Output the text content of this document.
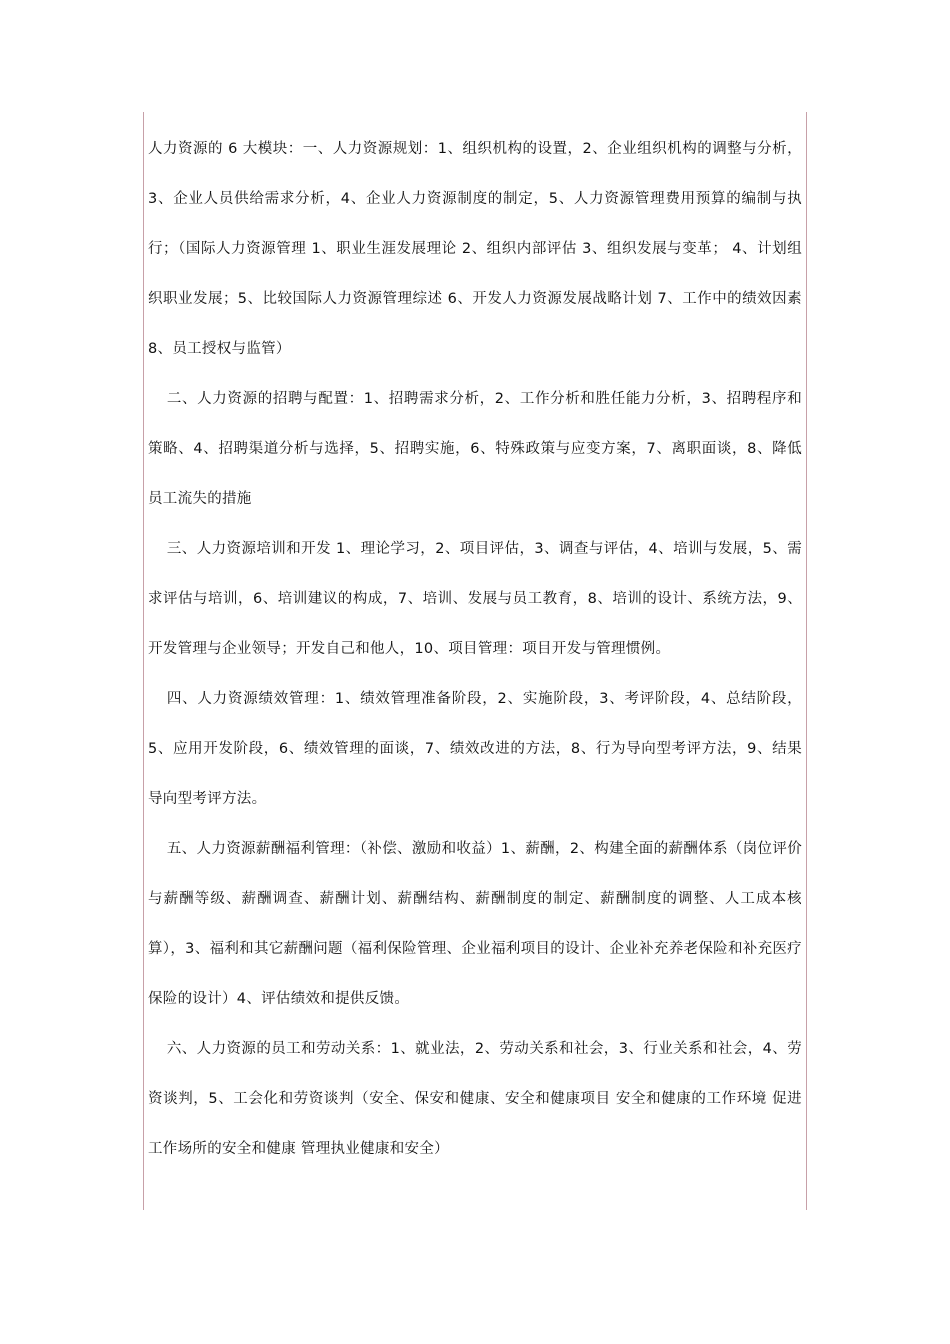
人力资源的 6 大模块：一、人力资源规划：1、组织机构的设置，2、企业组织机构的调整与分析，3、企业人员供给需求分析，4、企业人力资源制度的制定，5、人力资源管理费用预算的编制与执行；（国际人力资源管理 1、职业生涯发展理论 2、组织内部评估 3、组织发展与变革； 4、计划组织职业发展；5、比较国际人力资源管理综述 6、开发人力资源发展战略计划 7、工作中的绩效因素 8、员工授权与监管）

二、人力资源的招聘与配置：1、招聘需求分析，2、工作分析和胜任能力分析，3、招聘程序和策略、4、招聘渠道分析与选择，5、招聘实施，6、特殊政策与应变方案，7、离职面谈，8、降低员工流失的措施

三、人力资源培训和开发 1、理论学习，2、项目评估，3、调查与评估，4、培训与发展，5、需求评估与培训，6、培训建议的构成，7、培训、发展与员工教育，8、培训的设计、系统方法，9、开发管理与企业领导；开发自己和他人，10、项目管理：项目开发与管理惯例。

四、人力资源绩效管理：1、绩效管理准备阶段，2、实施阶段，3、考评阶段，4、总结阶段，5、应用开发阶段，6、绩效管理的面谈，7、绩效改进的方法，8、行为导向型考评方法，9、结果导向型考评方法。

五、人力资源薪酬福利管理：（补偿、激励和收益）1、薪酬，2、构建全面的薪酬体系（岗位评价与薪酬等级、薪酬调查、薪酬计划、薪酬结构、薪酬制度的制定、薪酬制度的调整、人工成本核算），3、福利和其它薪酬问题（福利保险管理、企业福利项目的设计、企业补充养老保险和补充医疗保险的设计）4、评估绩效和提供反馈。

六、人力资源的员工和劳动关系：1、就业法，2、劳动关系和社会，3、行业关系和社会，4、劳资谈判，5、工会化和劳资谈判（安全、保安和健康、安全和健康项目 安全和健康的工作环境 促进工作场所的安全和健康 管理执业健康和安全）
